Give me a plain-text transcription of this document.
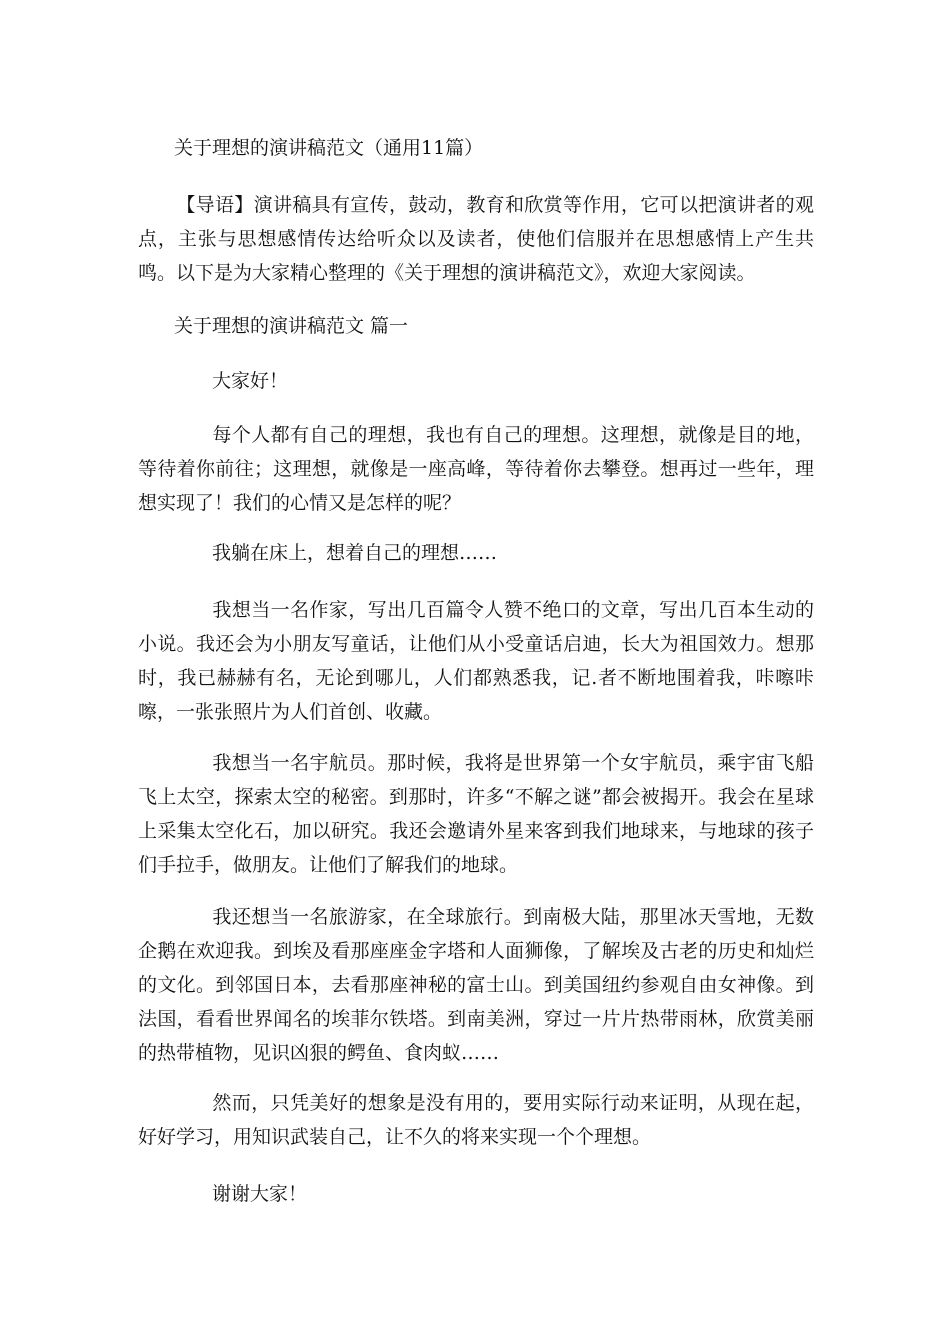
关于理想的演讲稿范文（通用11篇）

【导语】演讲稿具有宣传，鼓动，教育和欣赏等作用，它可以把演讲者的观点，主张与思想感情传达给听众以及读者，使他们信服并在思想感情上产生共鸣。以下是为大家精心整理的《关于理想的演讲稿范文》，欢迎大家阅读。

关于理想的演讲稿范文 篇一
大家好！

每个人都有自己的理想，我也有自己的理想。这理想，就像是目的地，等待着你前往；这理想，就像是一座高峰，等待着你去攀登。想再过一些年，理想实现了！我们的心情又是怎样的呢？

我躺在床上，想着自己的理想……

我想当一名作家，写出几百篇令人赞不绝口的文章，写出几百本生动的小说。我还会为小朋友写童话，让他们从小受童话启迪，长大为祖国效力。想那时，我已赫赫有名，无论到哪儿，人们都熟悉我，记.者不断地围着我，咔嚓咔嚓，一张张照片为人们首创、收藏。

我想当一名宇航员。那时候，我将是世界第一个女宇航员，乘宇宙飞船飞上太空，探索太空的秘密。到那时，许多“不解之谜”都会被揭开。我会在星球上采集太空化石，加以研究。我还会邀请外星来客到我们地球来，与地球的孩子们手拉手，做朋友。让他们了解我们的地球。

我还想当一名旅游家，在全球旅行。到南极大陆，那里冰天雪地，无数企鹅在欢迎我。到埃及看那座座金字塔和人面狮像，了解埃及古老的历史和灿烂的文化。到邻国日本，去看那座神秘的富士山。到美国纽约参观自由女神像。到法国，看看世界闻名的埃菲尔铁塔。到南美洲，穿过一片片热带雨林，欣赏美丽的热带植物，见识凶狠的鳄鱼、食肉蚁……

然而，只凭美好的想象是没有用的，要用实际行动来证明，从现在起，好好学习，用知识武装自己，让不久的将来实现一个个理想。

谢谢大家！
